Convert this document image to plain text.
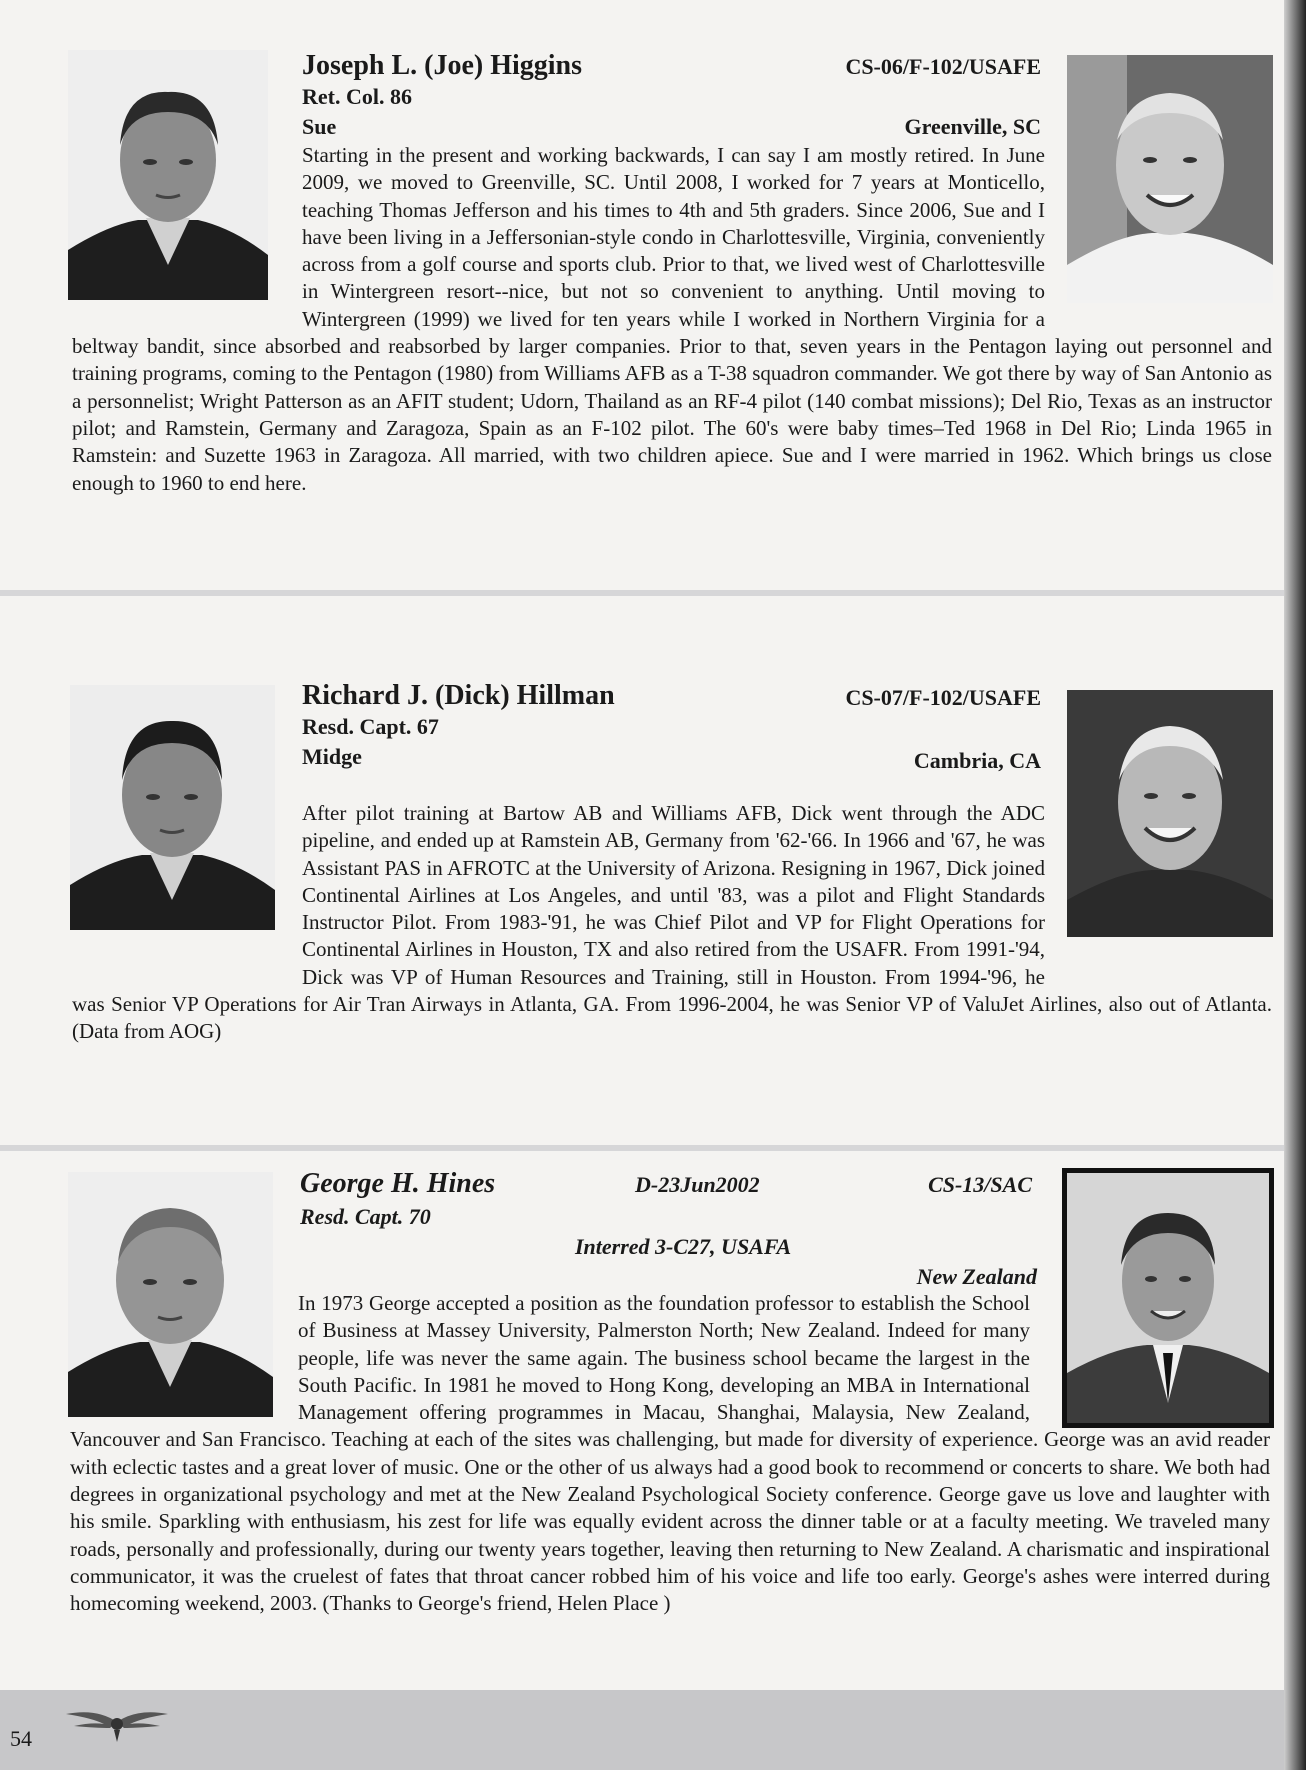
Joseph L. (Joe) Higgins	CS-06/F-102/USAFE
Ret. Col. 86
Sue	Greenville, SC

Starting in the present and working backwards, I can say I am mostly retired. In June 2009, we moved to Greenville, SC. Until 2008, I worked for 7 years at Monticello, teaching Thomas Jefferson and his times to 4th and 5th graders. Since 2006, Sue and I have been living in a Jeffersonian-style condo in Charlottesville, Virginia, conveniently across from a golf course and sports club. Prior to that, we lived west of Charlottesville in Wintergreen resort--nice, but not so convenient to anything. Until moving to Wintergreen (1999) we lived for ten years while I worked in Northern Virginia for a beltway bandit, since absorbed and reabsorbed by larger companies. Prior to that, seven years in the Pentagon laying out personnel and training programs, coming to the Pentagon (1980) from Williams AFB as a T-38 squadron commander. We got there by way of San Antonio as a personnelist; Wright Patterson as an AFIT student; Udorn, Thailand as an RF-4 pilot (140 combat missions); Del Rio, Texas as an instructor pilot; and Ramstein, Germany and Zaragoza, Spain as an F-102 pilot. The 60's were baby times–Ted 1968 in Del Rio; Linda 1965 in Ramstein: and Suzette 1963 in Zaragoza. All married, with two children apiece. Sue and I were married in 1962. Which brings us close enough to 1960 to end here.

Richard J. (Dick) Hillman	CS-07/F-102/USAFE
Resd. Capt. 67
Midge	Cambria, CA

After pilot training at Bartow AB and Williams AFB, Dick went through the ADC pipeline, and ended up at Ramstein AB, Germany from '62-'66. In 1966 and '67, he was Assistant PAS in AFROTC at the University of Arizona. Resigning in 1967, Dick joined Continental Airlines at Los Angeles, and until '83, was a pilot and Flight Standards Instructor Pilot. From 1983-'91, he was Chief Pilot and VP for Flight Operations for Continental Airlines in Houston, TX and also retired from the USAFR. From 1991-'94, Dick was VP of Human Resources and Training, still in Houston. From 1994-'96, he was Senior VP Operations for Air Tran Airways in Atlanta, GA. From 1996-2004, he was Senior VP of ValuJet Airlines, also out of Atlanta. (Data from AOG)

George H. Hines	D-23Jun2002	CS-13/SAC
Resd. Capt. 70
Interred 3-C27, USAFA
New Zealand

In 1973 George accepted a position as the foundation professor to establish the School of Business at Massey University, Palmerston North; New Zealand. Indeed for many people, life was never the same again. The business school became the largest in the South Pacific. In 1981 he moved to Hong Kong, developing an MBA in International Management offering programmes in Macau, Shanghai, Malaysia, New Zealand, Vancouver and San Francisco. Teaching at each of the sites was challenging, but made for diversity of experience. George was an avid reader with eclectic tastes and a great lover of music. One or the other of us always had a good book to recommend or concerts to share. We both had degrees in organizational psychology and met at the New Zealand Psychological Society conference. George gave us love and laughter with his smile. Sparkling with enthusiasm, his zest for life was equally evident across the dinner table or at a faculty meeting. We traveled many roads, personally and professionally, during our twenty years together, leaving then returning to New Zealand. A charismatic and inspirational communicator, it was the cruelest of fates that throat cancer robbed him of his voice and life too early. George's ashes were interred during homecoming weekend, 2003. (Thanks to George's friend, Helen Place )

54
